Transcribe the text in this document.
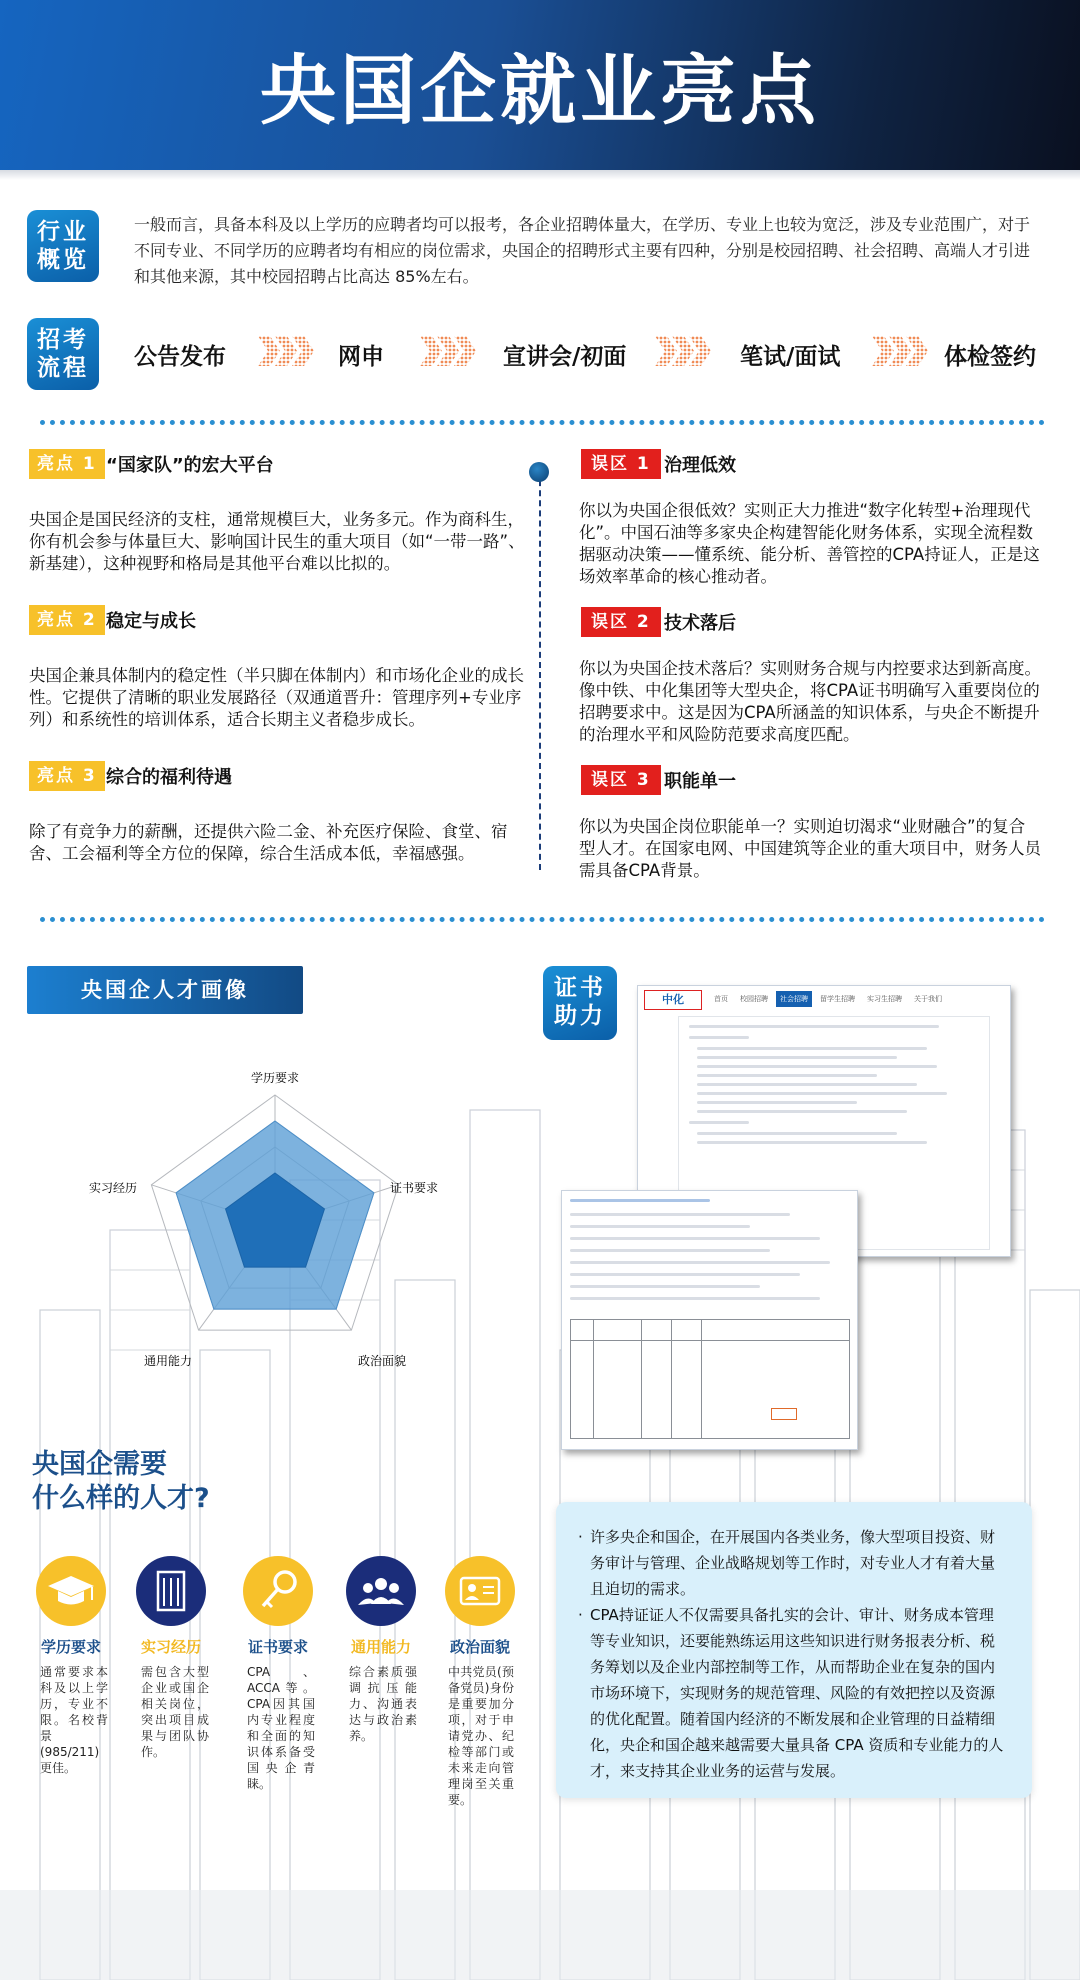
央国企就业亮点
行业概览
一般而言，具备本科及以上学历的应聘者均可以报考，各企业招聘体量大，在学历、专业上也较为宽泛，涉及专业范围广，对于不同专业、不同学历的应聘者均有相应的岗位需求，央国企的招聘形式主要有四种，分别是校园招聘、社会招聘、高端人才引进和其他来源，其中校园招聘占比高达 85%左右。
招考流程	公告发布	网申	宣讲会/初面	笔试/面试	体检签约
亮点 1 “国家队”的宏大平台
央国企是国民经济的支柱，通常规模巨大，业务多元。作为商科生，你有机会参与体量巨大、影响国计民生的重大项目（如“一带一路”、新基建），这种视野和格局是其他平台难以比拟的。
亮点 2 稳定与成长
央国企兼具体制内的稳定性（半只脚在体制内）和市场化企业的成长性。它提供了清晰的职业发展路径（双通道晋升：管理序列+专业序列）和系统性的培训体系，适合长期主义者稳步成长。
亮点 3 综合的福利待遇
除了有竞争力的薪酬，还提供六险二金、补充医疗保险、食堂、宿舍、工会福利等全方位的保障，综合生活成本低，幸福感强。
误区 1 治理低效
你以为央国企很低效？实则正大力推进“数字化转型+治理现代化”。中国石油等多家央企构建智能化财务体系，实现全流程数据驱动决策——懂系统、能分析、善管控的CPA持证人，正是这场效率革命的核心推动者。
误区 2 技术落后
你以为央国企技术落后？实则财务合规与内控要求达到新高度。像中铁、中化集团等大型央企，将CPA证书明确写入重要岗位的招聘要求中。这是因为CPA所涵盖的知识体系，与央企不断提升的治理水平和风险防范要求高度匹配。
误区 3 职能单一
你以为央国企岗位职能单一？实则迫切渴求“业财融合”的复合型人才。在国家电网、中国建筑等企业的重大项目中，财务人员需具备CPA背景。
央国企人才画像
学历要求
证书要求
政治面貌
通用能力
实习经历
证书助力
中化	首页	校园招聘	社会招聘	留学生招聘	实习生招聘	关于我们
央国企需要
什么样的人才?
学历要求	实习经历	证书要求	通用能力	政治面貌
通常要求本科及以上学历，专业不限。名校背景(985/211)更佳。
需包含大型企业或国企相关岗位，突出项目成果与团队协作。
CPA、ACCA等。CPA因其国内专业程度和全面的知识体系备受国央企青睐。
综合素质强调抗压能力、沟通表达与政治素养。
中共党员(预备党员)身份是重要加分项，对于申请党办、纪检等部门或未来走向管理岗至关重要。
· 许多央企和国企，在开展国内各类业务，像大型项目投资、财务审计与管理、企业战略规划等工作时，对专业人才有着大量且迫切的需求。
· CPA持证证人不仅需要具备扎实的会计、审计、财务成本管理等专业知识，还要能熟练运用这些知识进行财务报表分析、税务筹划以及企业内部控制等工作，从而帮助企业在复杂的国内市场环境下，实现财务的规范管理、风险的有效把控以及资源的优化配置。随着国内经济的不断发展和企业管理的日益精细化，央企和国企越来越需要大量具备 CPA 资质和专业能力的人才，来支持其企业业务的运营与发展。
